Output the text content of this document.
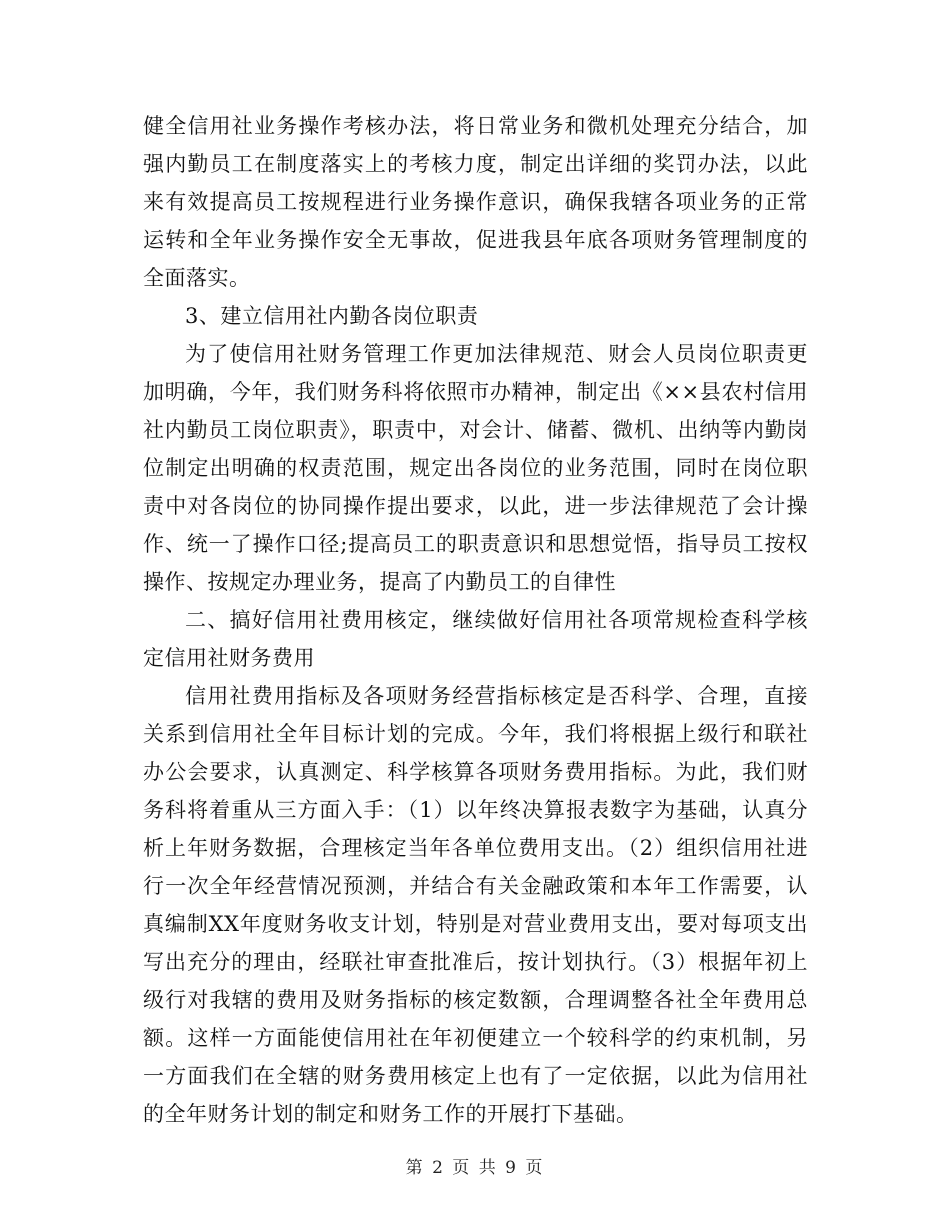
健全信用社业务操作考核办法，将日常业务和微机处理充分结合，加强内勤员工在制度落实上的考核力度，制定出详细的奖罚办法，以此来有效提高员工按规程进行业务操作意识，确保我辖各项业务的正常运转和全年业务操作安全无事故，促进我县年底各项财务管理制度的全面落实。

3、建立信用社内勤各岗位职责

为了使信用社财务管理工作更加法律规范、财会人员岗位职责更加明确，今年，我们财务科将依照市办精神，制定出《××县农村信用社内勤员工岗位职责》，职责中，对会计、储蓄、微机、出纳等内勤岗位制定出明确的权责范围，规定出各岗位的业务范围，同时在岗位职责中对各岗位的协同操作提出要求，以此，进一步法律规范了会计操作、统一了操作口径;提高员工的职责意识和思想觉悟，指导员工按权操作、按规定办理业务，提高了内勤员工的自律性

二、搞好信用社费用核定，继续做好信用社各项常规检查科学核定信用社财务费用

信用社费用指标及各项财务经营指标核定是否科学、合理，直接关系到信用社全年目标计划的完成。今年，我们将根据上级行和联社办公会要求，认真测定、科学核算各项财务费用指标。为此，我们财务科将着重从三方面入手：（1）以年终决算报表数字为基础，认真分析上年财务数据，合理核定当年各单位费用支出。（2）组织信用社进行一次全年经营情况预测，并结合有关金融政策和本年工作需要，认真编制XX年度财务收支计划，特别是对营业费用支出，要对每项支出写出充分的理由，经联社审查批准后，按计划执行。（3）根据年初上级行对我辖的费用及财务指标的核定数额，合理调整各社全年费用总额。这样一方面能使信用社在年初便建立一个较科学的约束机制，另一方面我们在全辖的财务费用核定上也有了一定依据，以此为信用社的全年财务计划的制定和财务工作的开展打下基础。

第 2 页 共 9 页
